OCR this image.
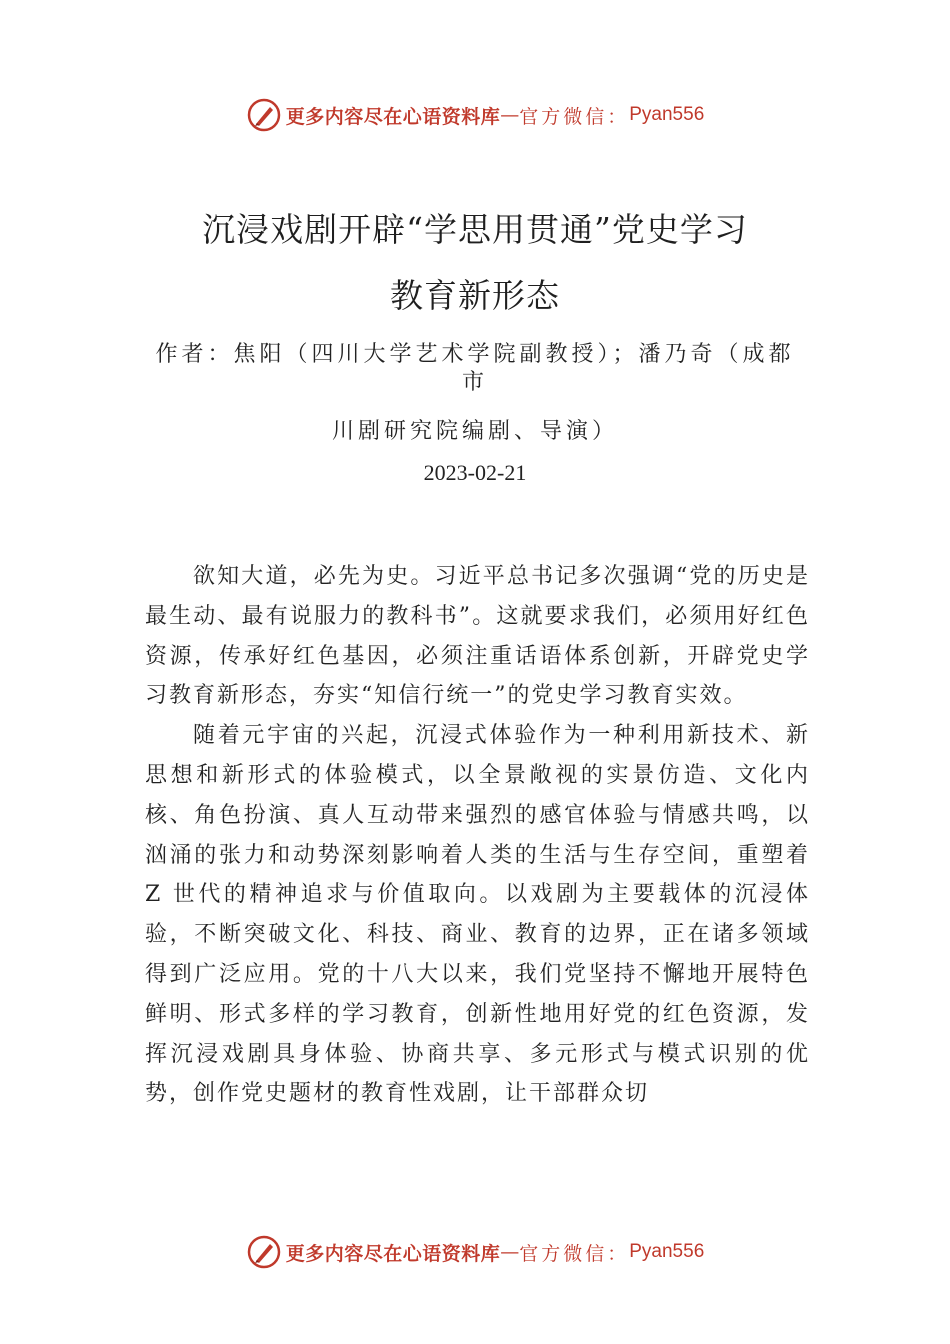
更多内容尽在心语资料库 — 官方微信： Pyan556
沉浸戏剧开辟“学思用贯通”党史学习
教育新形态
作者：焦阳（四川大学艺术学院副教授）；潘乃奇（成都
市
川剧研究院编剧、导演）
2023-02-21

欲知大道，必先为史。习近平总书记多次强调“党的历史是最生动、最有说服力的教科书”。这就要求我们，必须用好红色资源，传承好红色基因，必须注重话语体系创新，开辟党史学习教育新形态，夯实“知信行统一”的党史学习教育实效。

随着元宇宙的兴起，沉浸式体验作为一种利用新技术、新思想和新形式的体验模式，以全景敞视的实景仿造、文化内核、角色扮演、真人互动带来强烈的感官体验与情感共鸣，以汹涌的张力和动势深刻影响着人类的生活与生存空间，重塑着 Z 世代的精神追求与价值取向。以戏剧为主要载体的沉浸体验，不断突破文化、科技、商业、教育的边界，正在诸多领域得到广泛应用。党的十八大以来，我们党坚持不懈地开展特色鲜明、形式多样的学习教育，创新性地用好党的红色资源，发挥沉浸戏剧具身体验、协商共享、多元形式与模式识别的优势，创作党史题材的教育性戏剧，让干部群众切

更多内容尽在心语资料库 — 官方微信： Pyan556
